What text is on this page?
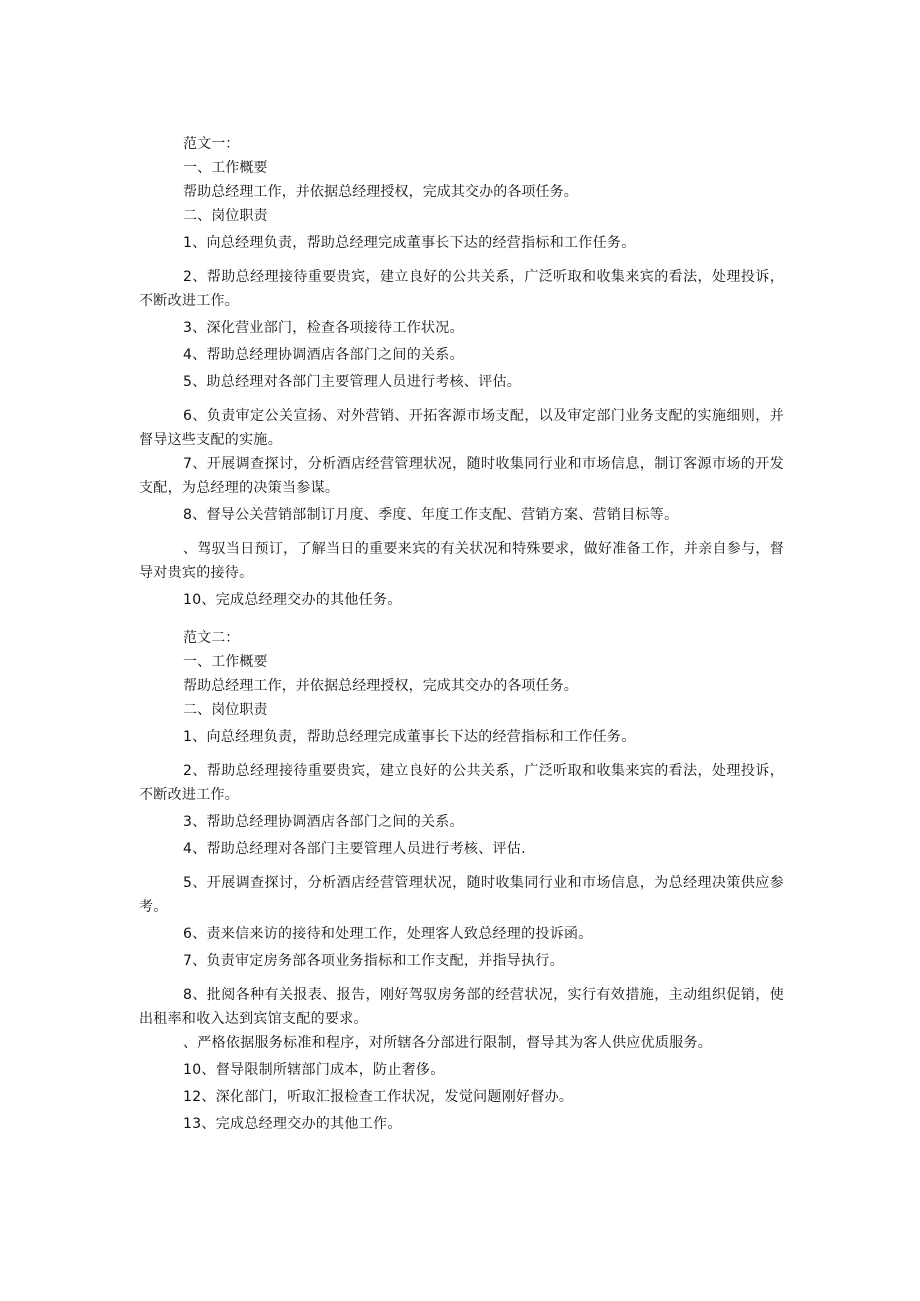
范文一：
一、工作概要
帮助总经理工作，并依据总经理授权，完成其交办的各项任务。
二、岗位职责

1、向总经理负责，帮助总经理完成董事长下达的经营指标和工作任务。

2、帮助总经理接待重要贵宾，建立良好的公共关系，广泛听取和收集来宾的看法，处理投诉，不断改进工作。

3、深化营业部门，检查各项接待工作状况。

4、帮助总经理协调酒店各部门之间的关系。

5、助总经理对各部门主要管理人员进行考核、评估。

6、负责审定公关宣扬、对外营销、开拓客源市场支配，以及审定部门业务支配的实施细则，并督导这些支配的实施。

7、开展调查探讨，分析酒店经营管理状况，随时收集同行业和市场信息，制订客源市场的开发支配，为总经理的决策当参谋。

8、督导公关营销部制订月度、季度、年度工作支配、营销方案、营销目标等。

、驾驭当日预订，了解当日的重要来宾的有关状况和特殊要求，做好准备工作，并亲自参与，督导对贵宾的接待。

10、完成总经理交办的其他任务。

范文二：
一、工作概要
帮助总经理工作，并依据总经理授权，完成其交办的各项任务。
二、岗位职责

1、向总经理负责，帮助总经理完成董事长下达的经营指标和工作任务。

2、帮助总经理接待重要贵宾，建立良好的公共关系，广泛听取和收集来宾的看法，处理投诉，不断改进工作。

3、帮助总经理协调酒店各部门之间的关系。

4、帮助总经理对各部门主要管理人员进行考核、评估.

5、开展调查探讨，分析酒店经营管理状况，随时收集同行业和市场信息，为总经理决策供应参考。

6、责来信来访的接待和处理工作，处理客人致总经理的投诉函。

7、负责审定房务部各项业务指标和工作支配，并指导执行。

8、批阅各种有关报表、报告，刚好驾驭房务部的经营状况，实行有效措施，主动组织促销，使出租率和收入达到宾馆支配的要求。

、严格依据服务标准和程序，对所辖各分部进行限制，督导其为客人供应优质服务。

10、督导限制所辖部门成本，防止奢侈。

12、深化部门，听取汇报检查工作状况，发觉问题刚好督办。

13、完成总经理交办的其他工作。
